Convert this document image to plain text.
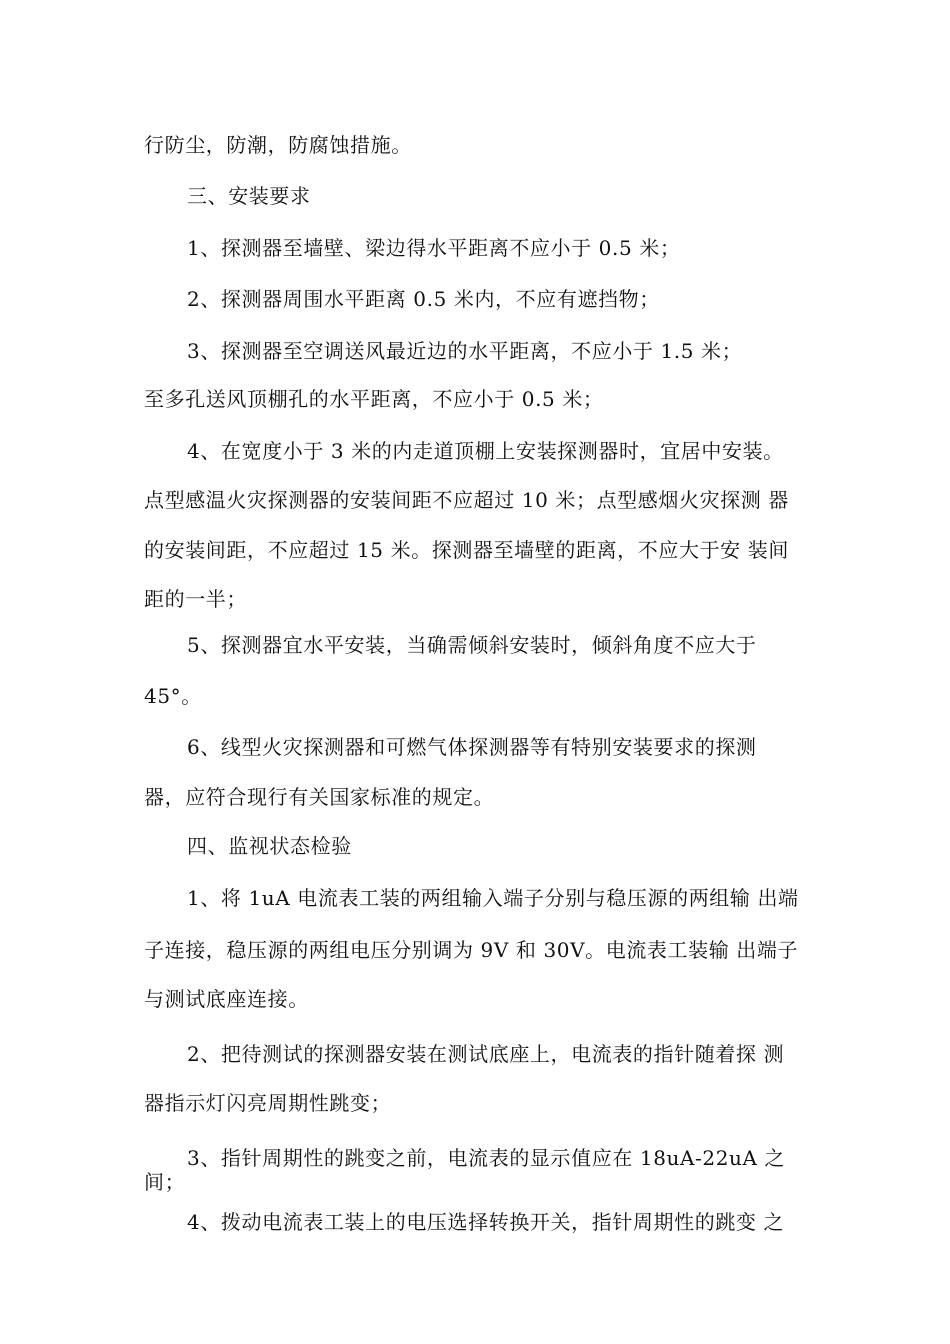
行防尘，防潮，防腐蚀措施。
三、安装要求
1、探测器至墙壁、梁边得水平距离不应小于 0.5 米；
2、探测器周围水平距离 0.5 米内，不应有遮挡物；
3、探测器至空调送风最近边的水平距离，不应小于 1.5 米；
至多孔送风顶棚孔的水平距离，不应小于 0.5 米；
4、在宽度小于 3 米的内走道顶棚上安装探测器时，宜居中安装。
点型感温火灾探测器的安装间距不应超过 10 米；点型感烟火灾探测 器
的安装间距，不应超过 15 米。探测器至墙壁的距离，不应大于安 装间
距的一半；
5、探测器宜水平安装，当确需倾斜安装时，倾斜角度不应大于
45°。
6、线型火灾探测器和可燃气体探测器等有特别安装要求的探测
器，应符合现行有关国家标准的规定。
四、监视状态检验
1、将 1uA 电流表工装的两组输入端子分别与稳压源的两组输 出端
子连接，稳压源的两组电压分别调为 9V 和 30V。电流表工装输 出端子
与测试底座连接。
2、把待测试的探测器安装在测试底座上，电流表的指针随着探 测
器指示灯闪亮周期性跳变；
3、指针周期性的跳变之前，电流表的显示值应在 18uA-22uA 之
间；
4、拨动电流表工装上的电压选择转换开关，指针周期性的跳变 之
